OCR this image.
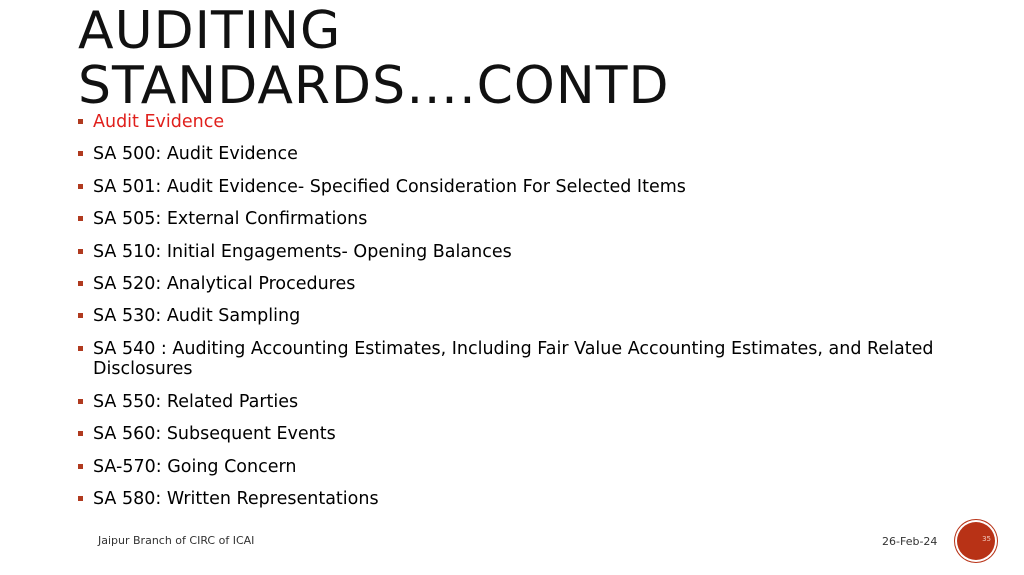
AUDITING
STANDARDS….CONTD
Audit Evidence
SA 500: Audit Evidence
SA 501: Audit Evidence- Specified Consideration For Selected Items
SA 505: External Confirmations
SA 510: Initial Engagements- Opening Balances
SA 520: Analytical Procedures
SA 530: Audit Sampling
SA 540 : Auditing Accounting Estimates, Including Fair Value Accounting Estimates, and Related Disclosures
SA 550: Related Parties
SA 560: Subsequent Events
SA-570: Going Concern
SA 580: Written Representations
Jaipur Branch of CIRC of ICAI	26-Feb-24	35
